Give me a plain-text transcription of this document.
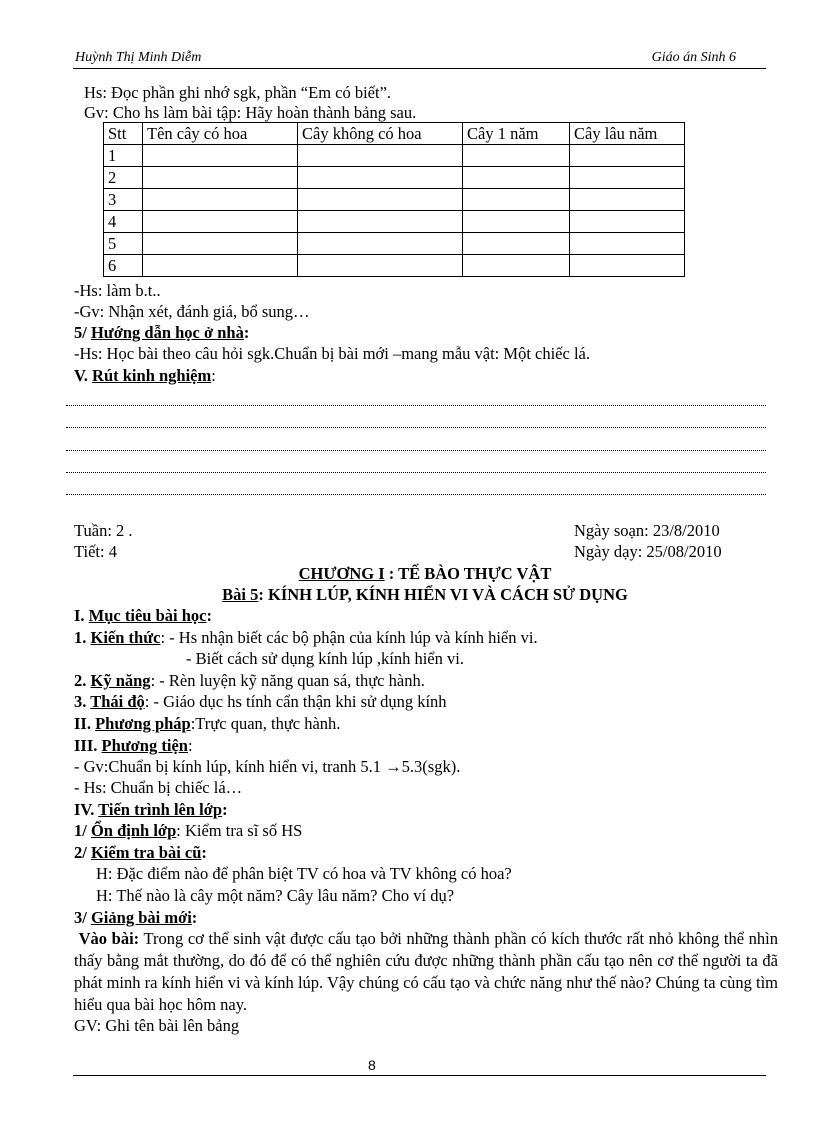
Huỳnh Thị Minh Diễm	Giáo án Sinh 6
Hs: Đọc phần ghi nhớ sgk, phần “Em có biết”.
Gv: Cho hs làm bài tập: Hãy hoàn thành bảng sau.
Stt	Tên cây có hoa	Cây không có hoa	Cây 1 năm	Cây lâu năm
1				
2				
3				
4				
5				
6				
-Hs: làm b.t..
-Gv: Nhận xét, đánh giá, bổ sung…
5/ Hướng dẫn học ở nhà:
-Hs: Học bài theo câu hỏi sgk.Chuẩn bị bài mới –mang mẫu vật: Một chiếc lá.
V. Rút kinh nghiệm:
Tuần: 2 .
Tiết: 4
Ngày soạn: 23/8/2010
Ngày dạy: 25/08/2010
CHƯƠNG I : TẾ BÀO THỰC VẬT
Bài 5: KÍNH LÚP, KÍNH HIỂN VI VÀ CÁCH SỬ DỤNG
I. Mục tiêu bài học:
1. Kiến thức: - Hs nhận biết các bộ phận của kính lúp và kính hiển vi.
- Biết cách sử dụng kính lúp ,kính hiển vi.
2. Kỹ năng: - Rèn luyện kỹ năng quan sá, thực hành.
3. Thái độ: - Giáo dục hs tính cẩn thận khi sử dụng kính
II. Phương pháp:Trực quan, thực hành.
III. Phương tiện:
- Gv:Chuẩn bị kính lúp, kính hiển vi, tranh 5.1 →5.3(sgk).
- Hs: Chuẩn bị chiếc lá…
IV. Tiến trình lên lớp:
1/ Ổn định lớp: Kiểm tra sĩ số HS
2/ Kiểm tra bài cũ:
H: Đặc điểm nào để phân biệt TV có hoa và TV không có hoa?
H: Thế nào là cây một năm? Cây lâu năm? Cho ví dụ?
3/ Giảng bài mới:
Vào bài: Trong cơ thể sinh vật được cấu tạo bởi những thành phần có kích thước rất nhỏ không thể nhìn thấy bằng mắt thường, do đó để có thể nghiên cứu được những thành phần cấu tạo nên cơ thể người ta đã phát minh ra kính hiển vi và kính lúp. Vậy chúng có cấu tạo và chức năng như thế nào? Chúng ta cùng tìm hiểu qua bài học hôm nay.
GV: Ghi tên bài lên bảng
8
